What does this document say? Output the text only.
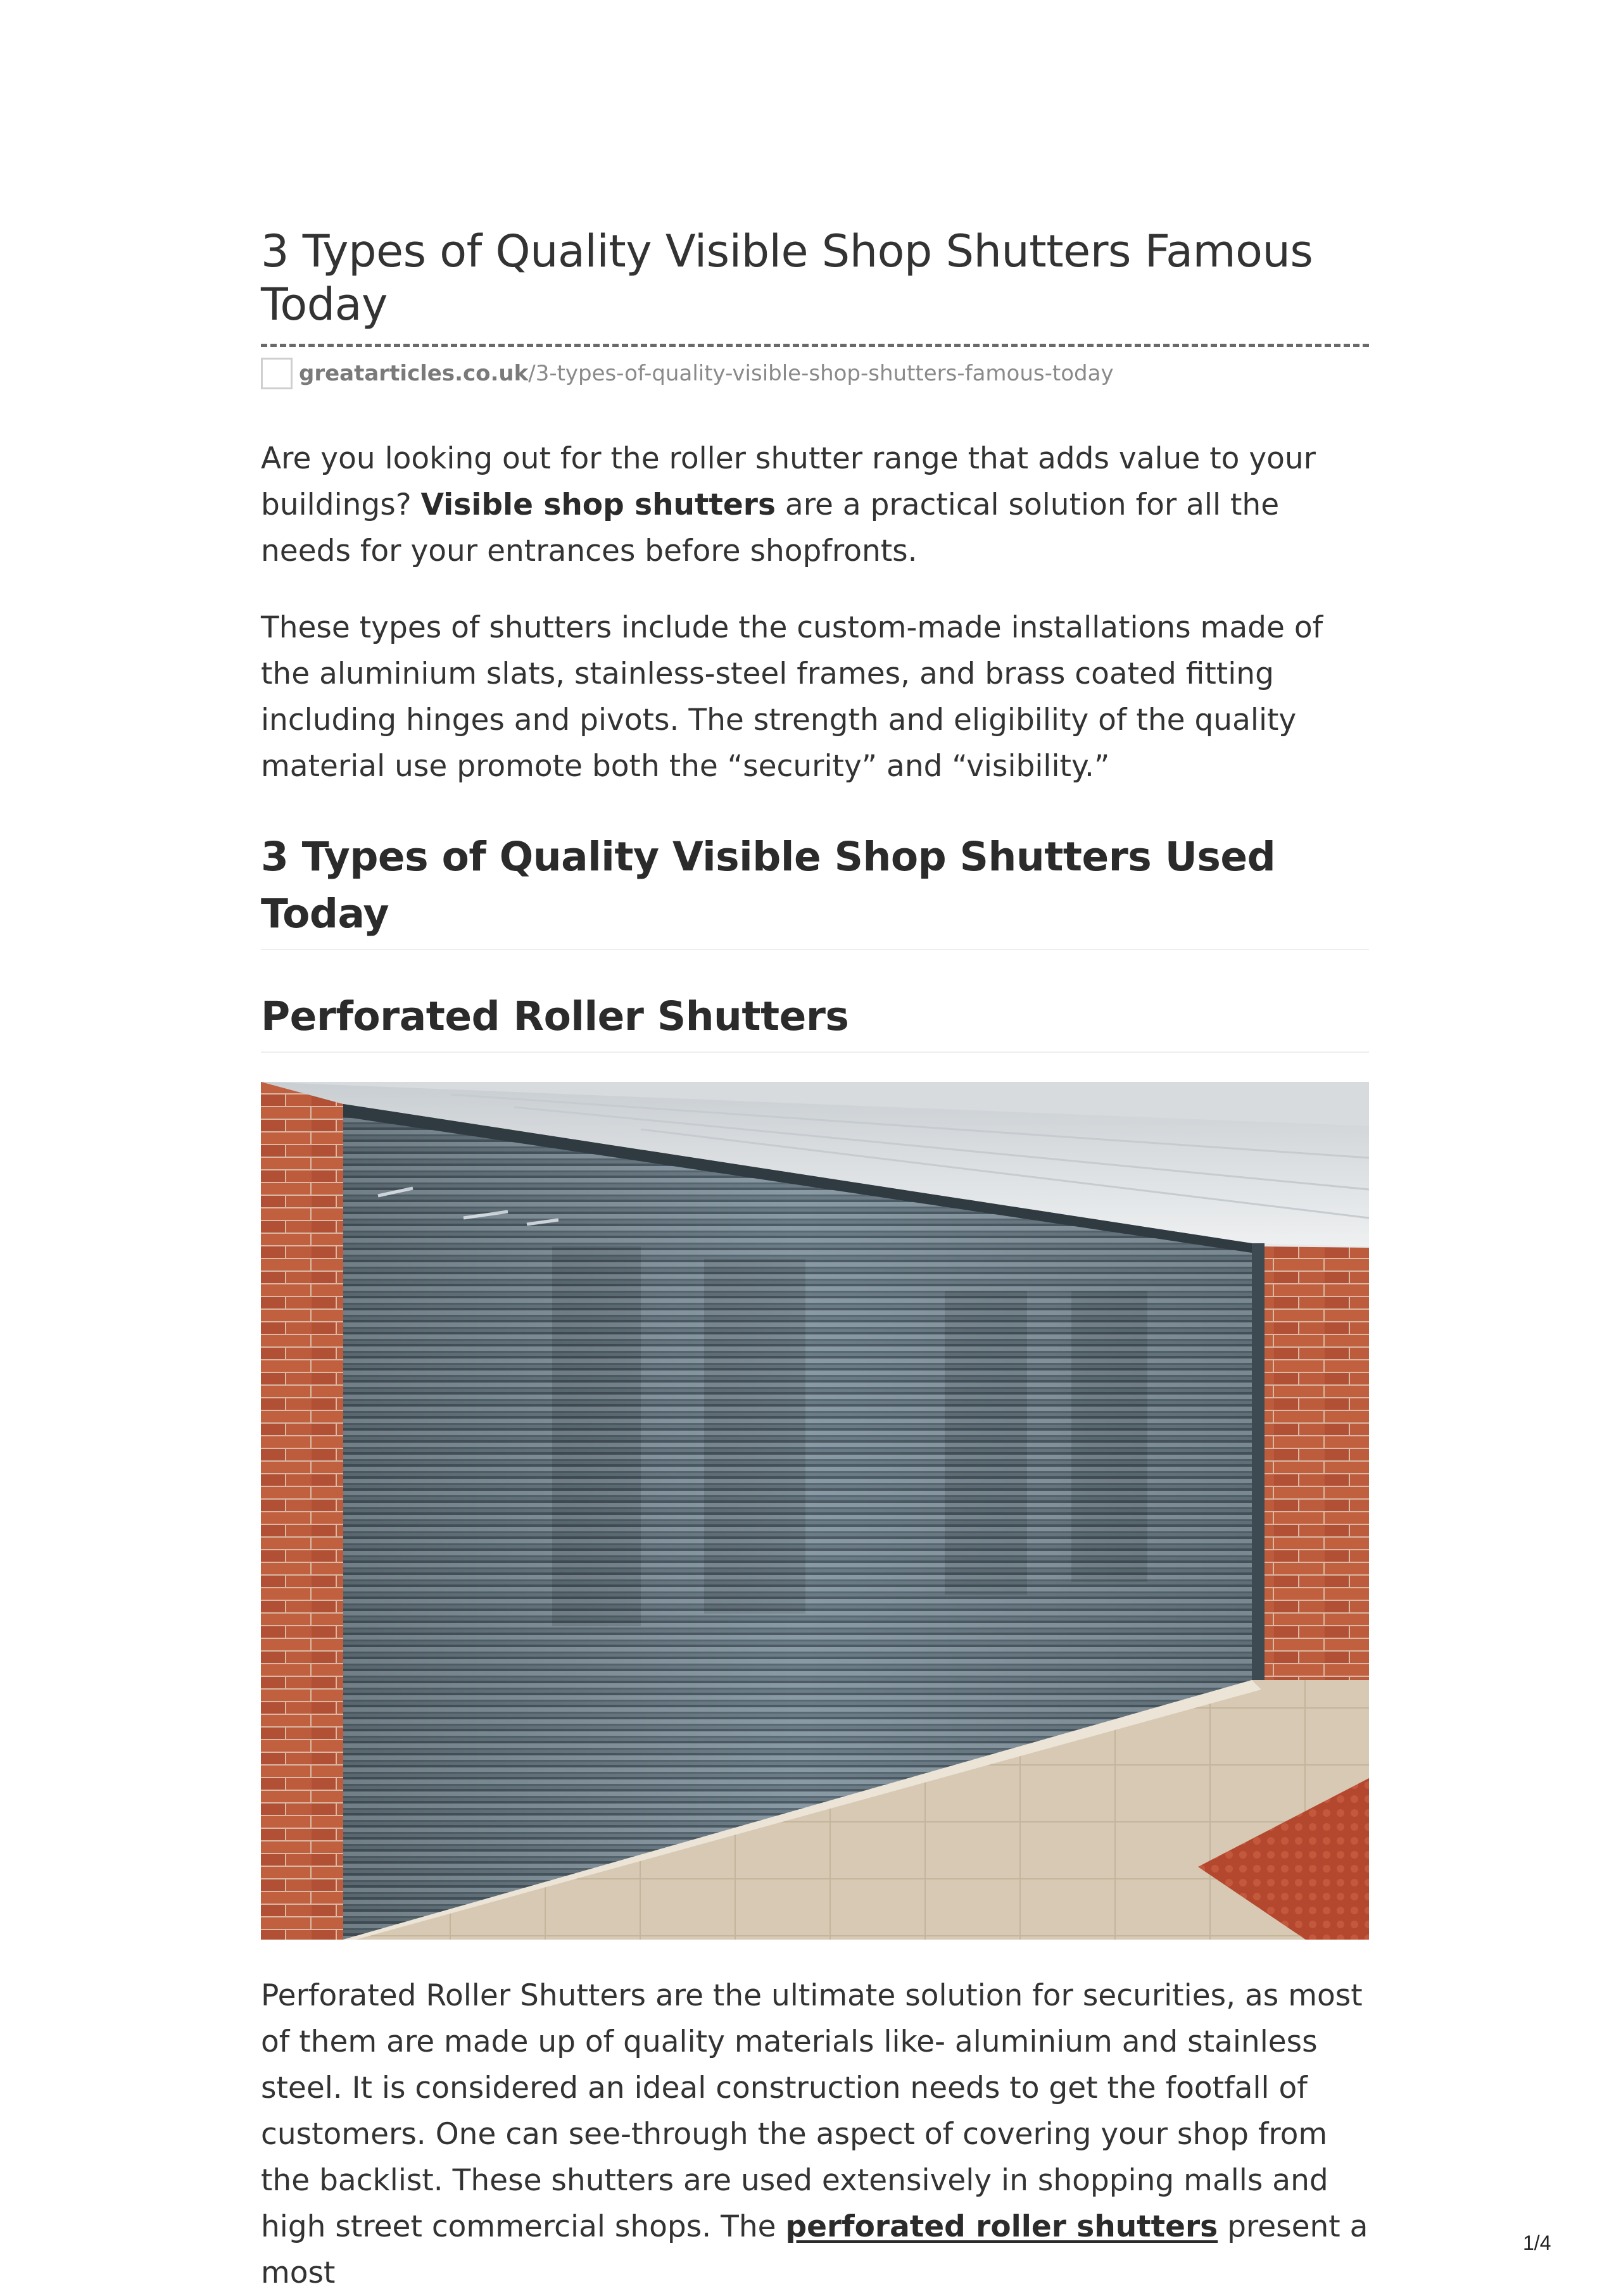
3 Types of Quality Visible Shop Shutters Famous Today
greatarticles.co.uk/3-types-of-quality-visible-shop-shutters-famous-today

Are you looking out for the roller shutter range that adds value to your buildings? Visible shop shutters are a practical solution for all the needs for your entrances before shopfronts.

These types of shutters include the custom-made installations made of the aluminium slats, stainless-steel frames, and brass coated fitting including hinges and pivots. The strength and eligibility of the quality material use promote both the “security” and “visibility.”

3 Types of Quality Visible Shop Shutters Used Today
Perforated Roller Shutters

Perforated Roller Shutters are the ultimate solution for securities, as most of them are made up of quality materials like- aluminium and stainless steel. It is considered an ideal construction needs to get the footfall of customers. One can see-through the aspect of covering your shop from the backlist. These shutters are used extensively in shopping malls and high street commercial shops. The perforated roller shutters present a most

1/4
